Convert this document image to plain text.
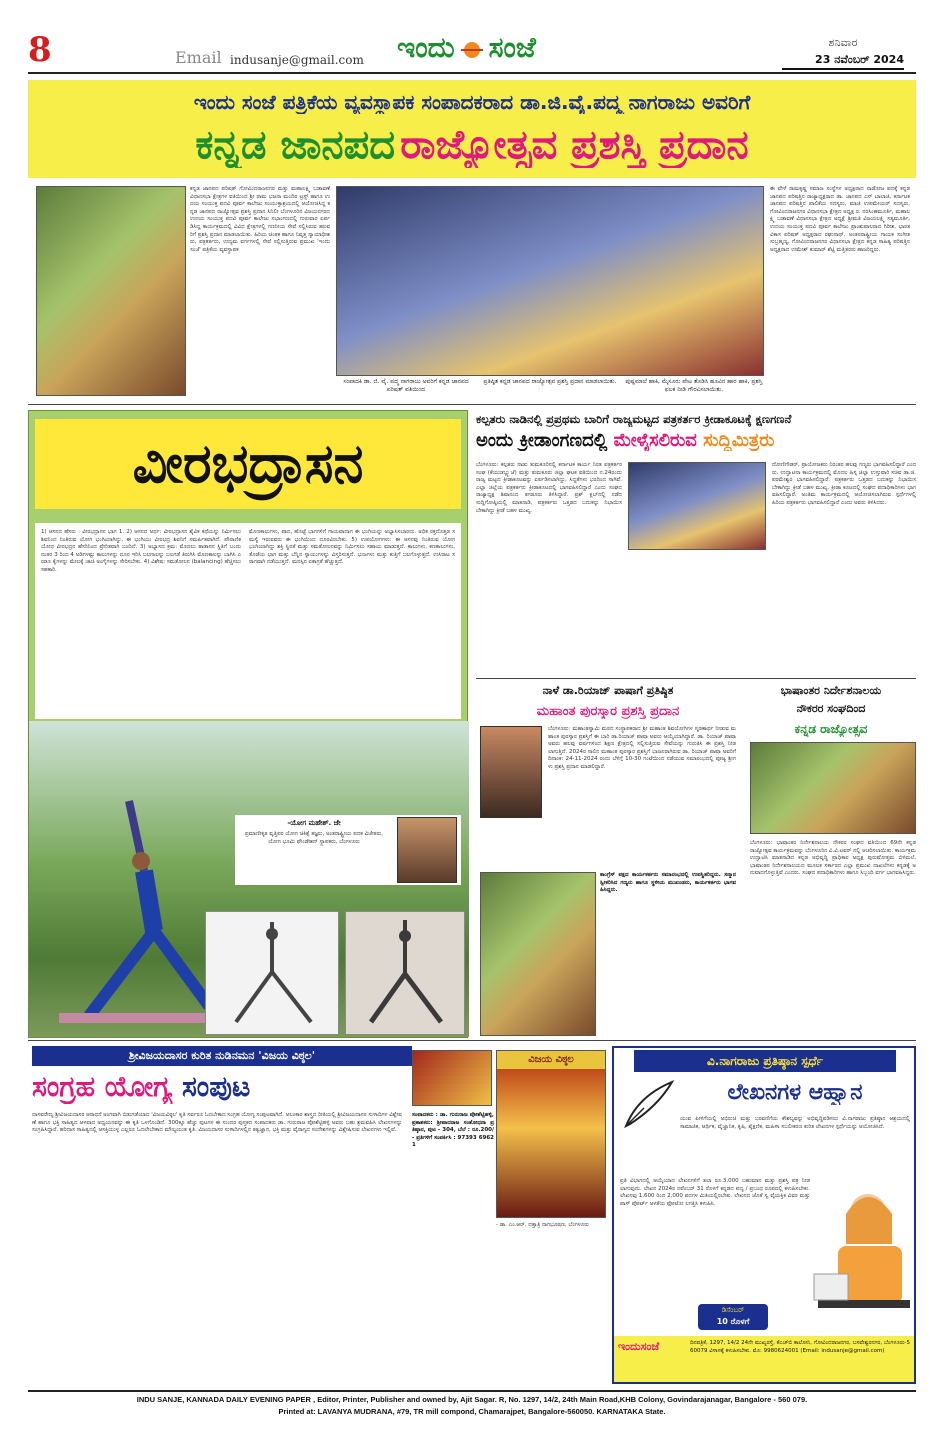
8	Email indusanje@gmail.com ಇಂದು ಸಂಜೆ	ಶನಿವಾರ
23 ನವೆಂಬರ್ 2024
ಇಂದು ಸಂಜೆ ಪತ್ರಿಕೆಯ ವ್ಯವಸ್ಥಾಪಕ ಸಂಪಾದಕರಾದ ಡಾ.ಜಿ.ವೈ.ಪದ್ಮ ನಾಗರಾಜು ಅವರಿಗೆ
ಕನ್ನಡ ಜಾನಪದ ರಾಜ್ಯೋತ್ಸವ ಪ್ರಶಸ್ತಿ ಪ್ರದಾನ
ಕನ್ನಡ ಜಾನಪದ ಪರಿಷತ್ ಗೋವಿಂದರಾಜನಗರ ಮತ್ತು ಮಹಾಲಕ್ಷ್ಮಿ ಬಡಾವಣೆ ವಿಧಾನಸಭಾ ಕ್ಷೇತ್ರಗಳ ವತಿಯಿಂದ ಶ್ರೀ ರಾಮ ಭಜನಾ ಮಂದಿರ ಟ್ರಸ್ಟ್ ಹಾಗೂ ಉದಯ ಸಂಯುಕ್ತ ಪದವಿ ಪೂರ್ವ ಕಾಲೇಜು ಸಂಯುಕ್ತಾಶ್ರಯದಲ್ಲಿ ಆಯೋಜಿಸಿದ್ದ ಕನ್ನಡ ಜಾನಪದ ರಾಜ್ಯೋತ್ಸವ ಪ್ರಶಸ್ತಿ ಪ್ರದಾನ ಸಿನಿಲೀ ಬೆಂಗಳೂರಿನ ವಿಜಯನಗರದ ಉದಯ ಸಂಯುಕ್ತ ಪದವಿ ಪೂರ್ವ ಕಾಲೇಜು ಸಭಾಂಗಣದಲ್ಲಿ ಗುರುವಾರ ಏರ್ಪಡಿಸಿದ್ದ ಕಾರ್ಯಕ್ರಮದಲ್ಲಿ ವಿವಿಧ ಕ್ಷೇತ್ರಗಳಲ್ಲಿ ಗಣನೀಯ ಸೇವೆ ಸಲ್ಲಿಸಿರುವ ಹಲವರಿಗೆ ಪ್ರಶಸ್ತಿ ಪ್ರದಾನ ಮಾಡಲಾಯಿತು. ಹಿರಿಯ ಚಿಂತಕ ಹಾಗೂ ನಿವೃತ್ತ ನ್ಯಾಯಾಧೀಶರು, ಪತ್ರಕರ್ತರು, ಉದ್ಯಮ ವರ್ಗಗಳಲ್ಲಿ ಸೇವೆ ಸಲ್ಲಿಸುತ್ತಿರುವ ಪ್ರಮುಖ 'ಇಂದು ಸಂಜೆ' ಪತ್ರಿಕೆಯ ವ್ಯವಸ್ಥಾಪಕ
ಸಂಪಾದಕಿ ಡಾ. ಜಿ. ವೈ. ಪದ್ಮ ನಾಗರಾಜು ಅವರಿಗೆ ಕನ್ನಡ ಜಾನಪದ ಪರಿಷತ್ ವತಿಯಿಂದ
ಪ್ರತಿಷ್ಠಿತ ಕನ್ನಡ ಜಾನಪದ ರಾಜ್ಯೋತ್ಸವ ಪ್ರಶಸ್ತಿ ಪ್ರದಾನ ಮಾಡಲಾಯಿತು.	ಪುಷ್ಪಮಾಲೆ ಹಾಕಿ, ಮೈಸೂರು ಪೇಟ ತೊಡಿಸಿ ಹೂವಿನ ಹಾರ ಹಾಕಿ, ಪ್ರಶಸ್ತಿ ಫಲಕ ನೀಡಿ ಗೌರವಿಸಲಾಯಿತು.
ಈ ವೇಳೆ ರಾಮಕೃಷ್ಣ ಸಮಾಜ ಸಂಸ್ಥೆಗಳ ಅಧ್ಯಕ್ಷರಾದ ನಾಡೋಜ ಪದಕ್ಕೆ ಕನ್ನಡ ಜಾನಪದ ಪರಿಷತ್ತಿನ ರಾಜ್ಯಾಧ್ಯಕ್ಷರಾದ ಡಾ. ಜಾನಪದ ಎಸ್ ಬಾಲಾಜಿ, ಕರ್ನಾಟಕ ಜಾನಪದ ಪರಿಷತ್ತಿನ ಪಾಲಿಕೆಯ ಸದಸ್ಯರು, ಮಾಜಿ ಉಪಮೇಯರ್ ಸದಸ್ಯರು, ಗೋವಿಂದರಾಜನಗರ ವಿಧಾನಸಭಾ ಕ್ಷೇತ್ರದ ಅಧ್ಯಕ್ಷ ರ. ನರಸಿಂಹಮೂರ್ತಿ, ಮಹಾಲಕ್ಷ್ಮಿ ಬಡಾವಣೆ ವಿಧಾನಸಭಾ ಕ್ಷೇತ್ರದ ಅಧ್ಯಕ್ಷೆ ಶ್ರೀಮತಿ ವಿಜಯಲಕ್ಷ್ಮಿ ಸತ್ಯಮೂರ್ತಿ, ಉದಯ ಸಂಯುಕ್ತ ಪದವಿ ಪೂರ್ವ ಕಾಲೇಜು ಪ್ರಾಂಶುಪಾಲರಾದ ಗಿರೀಶ, ಭಾರತ ವಿಕಾಸ ಪರಿಷತ್ ಅಧ್ಯಕ್ಷರಾದ ರಘುನಾಥ್, ಅಂತರರಾಷ್ಟ್ರೀಯ ಗಾಯಕ ಸಂಗೀತ ಸುಬ್ರಹ್ಮಣ್ಯ, ಗೋವಿಂದರಾಜನಗರ ವಿಧಾನಸಭಾ ಕ್ಷೇತ್ರದ ಕನ್ನಡ ಸಾಹಿತ್ಯ ಪರಿಷತ್ತಿನ ಅಧ್ಯಕ್ಷರಾದ ಉಮೇಶ್ ಕುಮಾರ್ ಶೆಟ್ಟಿ ಮತ್ತಿತರರು ಹಾಜರಿದ್ದರು.
ವೀರಭದ್ರಾಸನ
1) ಆಸನದ ಹೆಸರು : ವೀರಭದ್ರಾಸನ ಭಾಗ 1. 2) ಆಸನದ ಅರ್ಥ: ವೀರಭದ್ರಾಸನ ಶೈವಿಕ ಕಥೆಯನ್ನು ನಿರ್ಮಿಸಲು ಶಿವನಿಂದ ನಿಂತಿರುವ ಯೋಗ ಭಂಗಿಯಾಗಿದ್ದು, ಈ ಭಂಗಿಯು ವೀರಭದ್ರ ಶಿವನಿಗೆ ಸಮರ್ಪಿತವಾಗಿದೆ. ಪೌರಾಣಿಕ ಯೋಧ ವೀರಭದ್ರನ ಹೆಸರಿನಿಂದ ಪ್ರೇರಿತವಾಗಿ ಬಂದಿದೆ. 3) ಅಭ್ಯಾಸದ ಕ್ರಮ: ಮೊದಲು ತಾಡಾಸನ ಸ್ಥಿತಿಗೆ ಬಂದು ನಂತರ 3 ರಿಂದ 4 ಅಡಿಗಳಷ್ಟು ಕಾಲುಗಳನ್ನು ದೂರ ಇರಿಸಿ ಬಲಗಾಲನ್ನು ಬಲಗಡೆ ತಿರುಗಿಸಿ ಮೊಣಕಾಲನ್ನು ಬಾಗಿಸಿ ಎರಡೂ ಕೈಗಳನ್ನು ಮೇಲಕ್ಕೆ ಚಾಚಿ ಅಂಗೈಗಳನ್ನು ಸೇರಿಸಬೇಕು. 4) ವಿಶೇಷ: ಸಮತೋಲನ (balancing) ಹೆಚ್ಚಿಸಲು ಸಹಕಾರಿ.
ಮೊಣಕಾಲುಗಳು, ಪಾದ, ಹೊಟ್ಟೆ ಭಾಗಗಳಿಗೆ ಗಾಯವಾದಾಗ ಈ ಭಂಗಿಯನ್ನು ಅಭ್ಯಾಸಿಸಬಾರದು. ಅಧಿಕ ರಕ್ತದೊತ್ತಡ ಸಮಸ್ಯೆ ಇರುವವರು ಈ ಭಂಗಿಯಿಂದ ದೂರವಿರಬೇಕು. 5) ಉಪಯೋಗಗಳು: ಈ ಆಸನವು ನಿಂತಿರುವ ಯೋಗ ಭಂಗಿಯಾಗಿದ್ದು ಶಕ್ತಿ ಸ್ಥಿರತೆ ಮತ್ತು ಸಮತೋಲನವನ್ನು ನಿರ್ಮಿಸಲು ಸಹಾಯ ಮಾಡುತ್ತದೆ. ಕಾಲುಗಳು, ಕಣಕಾಲುಗಳು, ತೊಡೆಯ ಭಾಗ ಮತ್ತು ಬೆನ್ನಿನ ಸ್ನಾಯುಗಳನ್ನು ವಿಸ್ತರಿಸುತ್ತದೆ. ಭುಜಗಳು ಮತ್ತು ಕುತ್ತಿಗೆ ಬಲಗೊಳ್ಳುತ್ತದೆ. ಉಸಿರಾಟ ಸರಾಗವಾಗಿ ನಡೆಯುತ್ತದೆ. ಮನಸ್ಸಿನ ಏಕಾಗ್ರತೆ ಹೆಚ್ಚುತ್ತದೆ.
-ಯೋಗ ಮಹೇಶ್. ಜೇ
ಪ್ರಮಾಣೀಕೃತ ವೃತ್ತಿಪರ ಯೋಗ ಚಿಕಿತ್ಸೆ ತಜ್ಞರು, ಅಂತರಾಷ್ಟ್ರೀಯ ಪದಕ ವಿಜೇತರು, ಯೋಗ ಭೂಮಿ ಫೌಂಡೇಶನ್ ಸ್ಥಾಪಕರು, ಬೆಂಗಳೂರು
ಕಲ್ಪತರು ನಾಡಿನಲ್ಲಿ ಪ್ರಪ್ರಥಮ ಬಾರಿಗೆ ರಾಜ್ಯಮಟ್ಟದ ಪತ್ರಕರ್ತರ ಕ್ರೀಡಾಕೂಟಕ್ಕೆ ಕ್ಷಣಗಣನೆ
ಅಂದು ಕ್ರೀಡಾಂಗಣದಲ್ಲಿ ಮೇಳೈಸಲಿರುವ ಸುದ್ದಿಮಿತ್ರರು
ಬೆಂಗಳೂರು: ಕಲ್ಪತರು ನಾಡು ತುಮಕೂರಿನಲ್ಲಿ ಕರ್ನಾಟಕ ಕಾರ್ಯ ನಿರತ ಪತ್ರಕರ್ತರ ಸಂಘ (ಕೆಯುಡಬ್ಲ್ಯುಜೆ) ಮತ್ತು ತುಮಕೂರು ಜಿಲ್ಲಾ ಘಟಕ ವತಿಯಿಂದ ನ.24ರಂದು ರಾಜ್ಯ ಮಟ್ಟದ ಕ್ರೀಡಾಕೂಟವನ್ನು ಏರ್ಪಡಿಸಲಾಗಿದ್ದು, ಸಿದ್ಧತೆಗಳು ಭರದಿಂದ ಸಾಗಿವೆ. ಎಲ್ಲಾ ಜಿಲ್ಲೆಯ ಪತ್ರಕರ್ತರು ಕ್ರೀಡಾಕೂಟದಲ್ಲಿ ಭಾಗವಹಿಸಲಿದ್ದಾರೆ ಎಂದು ಸಂಘದ ರಾಜ್ಯಾಧ್ಯಕ್ಷ ಶಿವಾನಂದ ತಗಡೂರು ತಿಳಿಸಿದ್ದಾರೆ. ಪ್ರಶ್ ಕ್ಲಬ್‌ನಲ್ಲಿ ನಡೆದ ಸುದ್ದಿಗೋಷ್ಠಿಯಲ್ಲಿ ಮಾತನಾಡಿ, ಪತ್ರಕರ್ತರು ಒತ್ತಡದ ಬದುಕನ್ನು ನಿಭಾಯಿಸಬೇಕಾಗಿದ್ದು ಕ್ರೀಡೆ ಬಹಳ ಮುಖ್ಯ.
ದೋಣಿಗೌಡರ್, ಪ್ರಾಯೋಜಕರು ನಿರಂತರ ಹಲವು ಗಣ್ಯರು ಭಾಗವಹಿಸಲಿದ್ದಾರೆ ಎಂದರು. ಉದ್ಘಾಟನಾ ಕಾರ್ಯಕ್ರಮದಲ್ಲಿ ಮೊದಲ ಹಿಸ್ಸ ಜಿಲ್ಲಾ ಉಸ್ತುವಾರಿ ಸಚಿವ ಡಾ.ಜಿ.ಪರಮೇಶ್ವರ ಭಾಗವಹಿಸಲಿದ್ದಾರೆ. ಪತ್ರಕರ್ತರು ಒತ್ತಡದ ಬದುಕನ್ನು ನಿಭಾಯಿಸಬೇಕಾಗಿದ್ದು ಕ್ರೀಡೆ ಬಹಳ ಮುಖ್ಯ. ಕ್ರೀಡಾ ಕೂಟದಲ್ಲಿ ಸಂಘದ ಪದಾಧಿಕಾರಿಗಳು ಭಾಗವಹಿಸಲಿದ್ದಾರೆ. ಅಂತಿಮ ಕಾರ್ಯಕ್ರಮದಲ್ಲಿ ಆಯೋಜಿಸಲಾಗಿರುವ ಸ್ಪರ್ಧೆಗಳಲ್ಲಿ ಹಿರಿಯ ಪತ್ರಕರ್ತರು ಭಾಗವಹಿಸಲಿದ್ದಾರೆ ಎಂದು ಅವರು ತಿಳಿಸಿದರು.
ನಾಳೆ ಡಾ.ರಿಯಾಜ್ ಪಾಷಾಗೆ ಪ್ರತಿಷ್ಠಿತ
ಮಹಾಂತ ಪುರಸ್ಕಾರ ಪ್ರಶಸ್ತಿ ಪ್ರದಾನ
ಬೆಂಗಳೂರು: ಮಹಾಂತಸ್ವಾಮಿ ಮಠದ ಸಂಸ್ಥಾಪಕರಾದ ಶ್ರೀ ಮಹಾಂತ ಶಿವಯೋಗಿಗಳ ಸ್ಮರಣಾರ್ಥ ನೀಡುವ ಮಹಾಂತ ಪುರಸ್ಕಾರ ಪ್ರಶಸ್ತಿಗೆ ಈ ಬಾರಿ ಡಾ.ರಿಯಾಜ್ ಪಾಷಾ ಅವರು ಆಯ್ಕೆಯಾಗಿದ್ದಾರೆ. ಡಾ. ರಿಯಾಜ್ ಪಾಷಾ ಅವರು ಹಲವು ವರ್ಷಗಳಿಂದ ಶಿಕ್ಷಣ ಕ್ಷೇತ್ರದಲ್ಲಿ ಸಲ್ಲಿಸುತ್ತಿರುವ ಸೇವೆಯನ್ನು ಗುರುತಿಸಿ ಈ ಪ್ರಶಸ್ತಿ ನೀಡಲಾಗುತ್ತಿದೆ. 2024ರ ಸಾಲಿನ ಮಹಾಂತ ಪುರಸ್ಕಾರ ಪ್ರಶಸ್ತಿಗೆ ಭಾಜನರಾಗಿರುವ ಡಾ. ರಿಯಾಜ್ ಪಾಷಾ ಅವರಿಗೆ ದಿನಾಂಕ: 24-11-2024 ರಂದು ಬೆಳಿಗ್ಗೆ 10-30 ಗಂಟೆಯಿಂದ ನಡೆಯುವ ಸಮಾರಂಭದಲ್ಲಿ ಪೂಜ್ಯ ಶ್ರೀಗಳು ಪ್ರಶಸ್ತಿ ಪ್ರದಾನ ಮಾಡಲಿದ್ದಾರೆ.
ಕಾಂಗ್ರೆಸ್ ಪಕ್ಷದ ಕಾರ್ಯಕರ್ತರು ಸಮಾರಂಭದಲ್ಲಿ ಉಪಸ್ಥಿತರಿದ್ದರು. ಸನ್ಮಾನ ಸ್ವೀಕರಿಸಿದ ಗಣ್ಯರು ಹಾಗೂ ಸ್ಥಳೀಯ ಮುಖಂಡರು, ಕಾರ್ಯಕರ್ತರು ಭಾಗವಹಿಸಿದ್ದರು.
ಭಾಷಾಂತರ ನಿರ್ದೇಶನಾಲಯ
ನೌಕರರ ಸಂಘದಿಂದ
ಕನ್ನಡ ರಾಜ್ಯೋತ್ಸವ
ಬೆಂಗಳೂರು: ಭಾಷಾಂತರ ನಿರ್ದೇಶನಾಲಯ ನೌಕರರ ಸಂಘದ ವತಿಯಿಂದ 69ನೇ ಕನ್ನಡ ರಾಜ್ಯೋತ್ಸವ ಕಾರ್ಯಕ್ರಮವನ್ನು ಬೆಂಗಳೂರಿನ ವಿ.ವಿ.ಟವರ್ ನಲ್ಲಿ ಆಚರಿಸಲಾಯಿತು. ಕಾರ್ಯಕ್ರಮ ಉದ್ಘಾಟಿಸಿ ಮಾತನಾಡಿದ ಕನ್ನಡ ಅಭಿವೃದ್ಧಿ ಪ್ರಾಧಿಕಾರ ಅಧ್ಯಕ್ಷ ಪುರುಷೋತ್ತಮ ಬಿಳಿಮಲೆ, ಭಾಷಾಂತರ ನಿರ್ದೇಶನಾಲಯದ ಮೂಲಕ ಸರ್ಕಾರದ ಎಲ್ಲಾ ಪ್ರಮುಖ ದಾಖಲೆಗಳು ಕನ್ನಡಕ್ಕೆ ಅನುವಾದಗೊಳ್ಳುತ್ತಿವೆ ಎಂದರು. ಸಂಘದ ಪದಾಧಿಕಾರಿಗಳು ಹಾಗೂ ಸಿಬ್ಬಂದಿ ವರ್ಗ ಭಾಗವಹಿಸಿದ್ದರು.
ಶ್ರೀವಿಜಯದಾಸರ ಕುರಿತ ನುಡಿನಮನ 'ವಿಜಯ ವಿಠ್ಠಲ'
ಸಂಗ್ರಹ ಯೋಗ್ಯ ಸಂಪುಟ
ದಾಸವರೇಣ್ಯ ಶ್ರೀವಿಜಯದಾಸರ ಆರಾಧನೆ ಅಂಗವಾಗಿ ಬಿಡುಗಡೆಯಾದ 'ವಿಜಯವಿಠ್ಠಲ' ಕೃತಿ ಸರ್ವರೂ ಓದಬೇಕಾದ ಸಂಗ್ರಹ ಯೋಗ್ಯ ಸಂಪುಟವಾಗಿದೆ. ಅಲಂಕಾರ ಶಾಸ್ತ್ರದ ರೀತಿಯಲ್ಲಿ ಶ್ರೀವಿಜಯದಾಸರ ಸುಳಾದಿಗಳ ವಿಶ್ಲೇಷಣೆ ಹಾಗೂ ಭಕ್ತಿ ಸಾಹಿತ್ಯದ ಆಳವಾದ ಅಧ್ಯಯನವನ್ನು ಈ ಕೃತಿ ಒಳಗೊಂಡಿದೆ. 300ಕ್ಕೂ ಹೆಚ್ಚು ಪುಟಗಳ ಈ ಸುಂದರ ಪುಸ್ತಕದ ಸಂಪಾದಕರು ಡಾ. ಗುರುರಾಜ ಪೋಶೆಟ್ಟಿಹಳ್ಳಿ ಅವರು ಬಹು ಶ್ರಮವಹಿಸಿ ಲೇಖನಗಳನ್ನು ಸಂಗ್ರಹಿಸಿದ್ದಾರೆ. ಹರಿದಾಸ ಸಾಹಿತ್ಯದಲ್ಲಿ ಆಸಕ್ತಿಯುಳ್ಳ ಎಲ್ಲರೂ ಓದಲೇಬೇಕಾದ ಮೌಲ್ಯಯುತ ಕೃತಿ. ವಿಜಯದಾಸರ ಸುಳಾದಿಗಳಲ್ಲಿನ ತತ್ವಜ್ಞಾನ, ಭಕ್ತಿ ಮತ್ತು ವೈರಾಗ್ಯದ ಸಂದೇಶಗಳನ್ನು ವಿಶ್ಲೇಷಿಸುವ ಲೇಖನಗಳು ಇಲ್ಲಿವೆ.
ವಿಜಯ ವಿಠ್ಠಲ
ಸಂಪಾದಕರು : ಡಾ. ಗುರುರಾಜ ಪೋಶೆಟ್ಟಿಹಳ್ಳಿ, ಪ್ರಕಾಶಕರು: ಶ್ರೀಪಾದರಾಜ ಸಂಶೋಧನಾ ಪ್ರತಿಷ್ಠಾನ, ಪುಟ - 304, ಬೆಲೆ : ರೂ.200/- ಪ್ರತಿಗಳಿಗೆ ಸಂಪರ್ಕಿಸಿ : 97393 69621
- ಡಾ. ಎಂ.ಆರ್. ದತ್ತಾತ್ರಿ ನಾಗಭೂಷಣ, ಬೆಂಗಳೂರು
ವಿ.ನಾಗರಾಜು ಪ್ರತಿಷ್ಠಾನ ಸ್ಪರ್ಧೆ
ಲೇಖನಗಳ ಆಹ್ವಾನ
ಯುವ ಪೀಳಿಗೆಯಲ್ಲಿ ಅಭಿರುಚಿ ಮತ್ತು ಬರವಣಿಗೆಯ ಕೌಶಲ್ಯವನ್ನು ಅಭಿವೃದ್ಧಿಪಡಿಸಲು ವಿ.ನಾಗರಾಜು ಪ್ರತಿಷ್ಠಾನ ಆಶ್ರಯದಲ್ಲಿ ಸಾಮಾಜಿಕ, ಆರ್ಥಿಕ, ವೈಜ್ಞಾನಿಕ, ಕೃಷಿ, ಶೈಕ್ಷಣಿಕ, ಮಹಿಳಾ ಸಬಲೀಕರಣ ಕುರಿತ ಲೇಖನಗಳ ಸ್ಪರ್ಧೆಯನ್ನು ಆಯೋಜಿಸಿದೆ.
ಪ್ರತಿ ವಿಭಾಗದಲ್ಲಿ ಆಯ್ಕೆಯಾದ ಲೇಖನಗಳಿಗೆ ತಲಾ ರೂ.3,000 ಬಹುಮಾನ ಮತ್ತು ಪ್ರಶಸ್ತಿ ಪತ್ರ ನೀಡಲಾಗುವುದು. ಲೇಖನ 2024ರ ನವೆಂಬರ್ 31 ರೊಳಗೆ ಕನ್ನಡದ ಪದ್ಯ / ಪ್ರಬಂಧ ರೂಪದಲ್ಲಿ ಕಳುಹಿಸಬೇಕು. ಲೇಖನವು 1,600 ರಿಂದ 2,000 ಪದಗಳ ಮಿತಿಯಲ್ಲಿರಬೇಕು. ಲೇಖನದ ಜೊತೆ ಸ್ವ ವೈಯಕ್ತಿಕ ವಿವರ ಮತ್ತು ಪಾಸ್ ಪೋರ್ಟ್ ಅಳತೆಯ ಫೋಟೋ ಲಗತ್ತಿಸಿ ಕಳುಹಿಸಿ.
ಡಿಸೆಂಬರ್
10 ರೊಳಗೆ
ಇಂದುಸಂಜೆ	ದಿನಪತ್ರಿಕೆ, 1297, 14/2 24ನೇ ಮುಖ್ಯರಸ್ತೆ, ಕೆಎಚ್‌ಬಿ ಕಾಲೋನಿ, ಗೋವಿಂದರಾಜನಗರ, ಬಸವೇಶ್ವರನಗರ, ಬೆಂಗಳೂರು-560079 ವಿಳಾಸಕ್ಕೆ ಕಳುಹಿಸಬೇಕು. ಮೊ: 9980624001 (Email: indusanje@gmail.com)
INDU SANJE, KANNADA DAILY EVENING PAPER , Editor, Printer, Publisher and owned by, Ajit Sagar. R, No. 1297, 14/2, 24th Main Road,KHB Colony, Govindarajanagar, Bangalore - 560 079.
Printed at: LAVANYA MUDRANA, #79, TR mill compond, Chamarajpet, Bangalore-560050. KARNATAKA State.
